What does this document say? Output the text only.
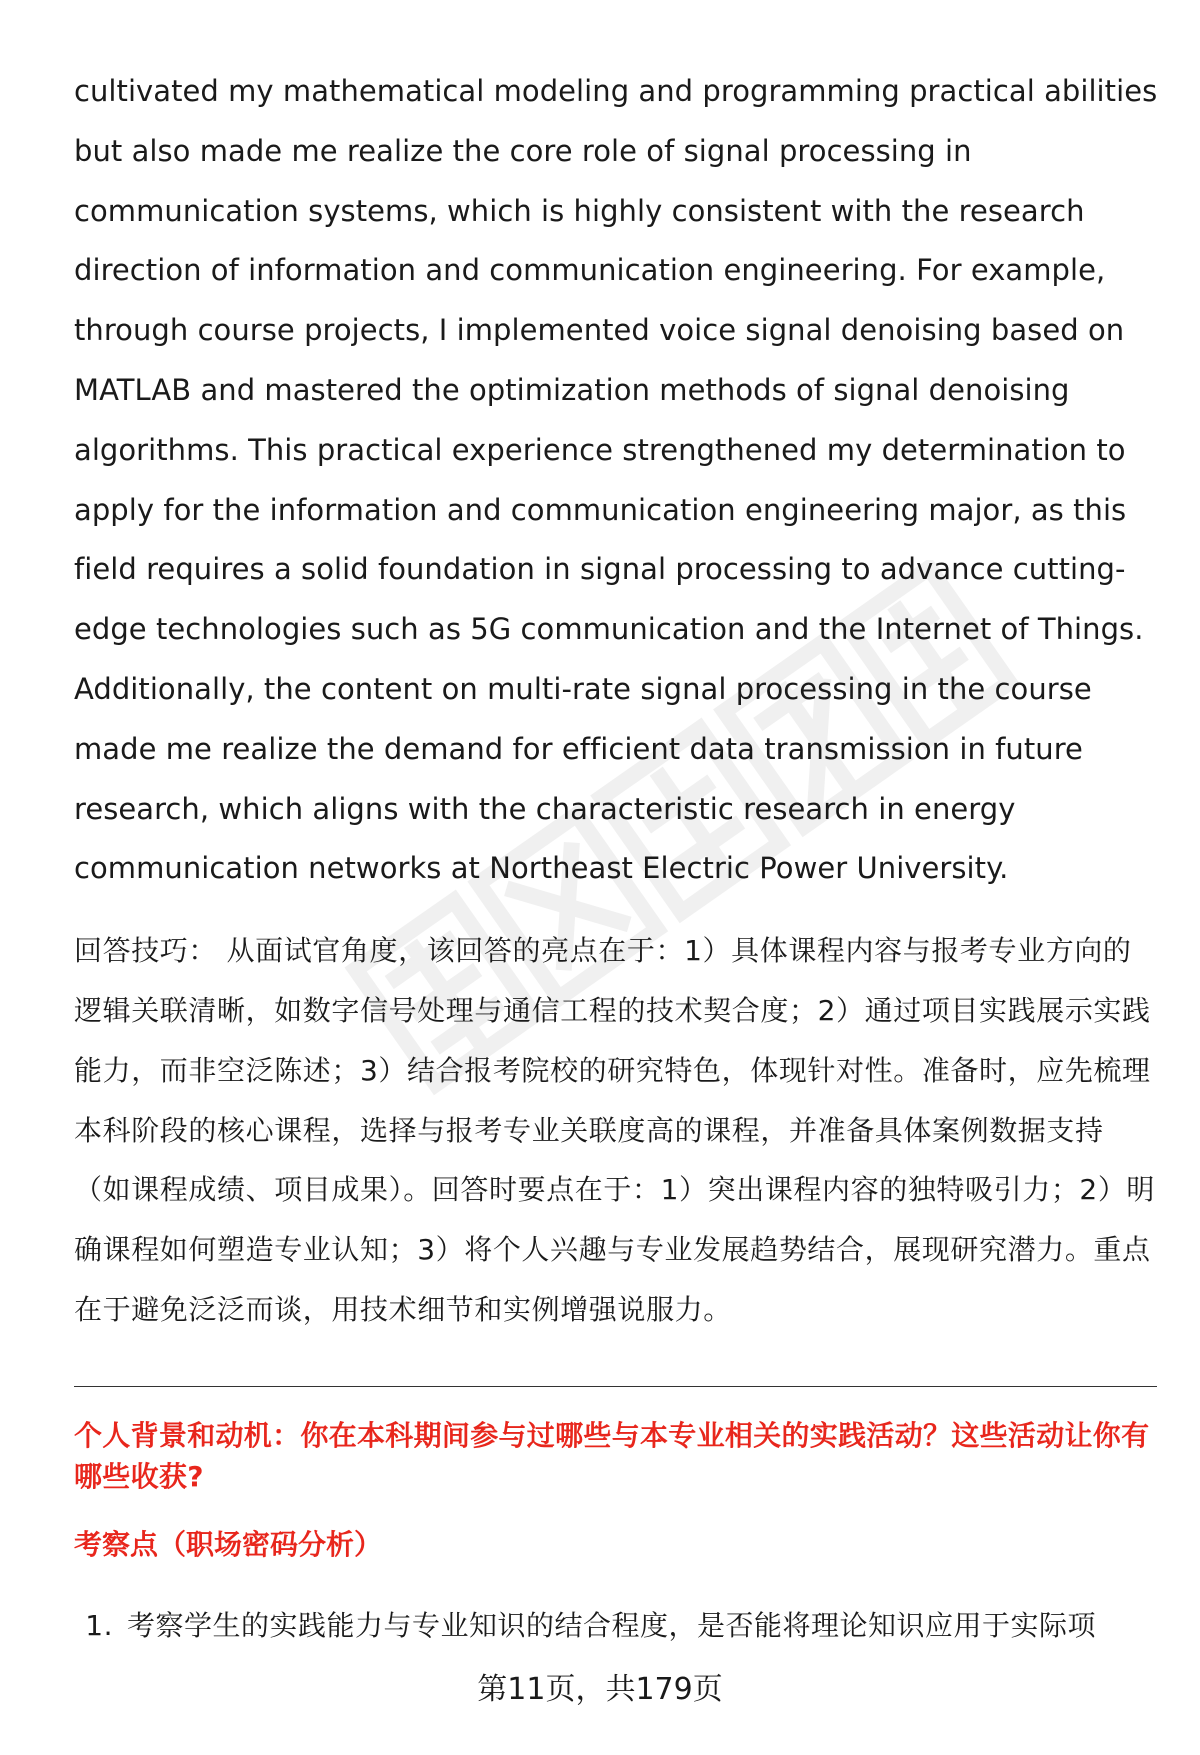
cultivated my mathematical modeling and programming practical abilities but also made me realize the core role of signal processing in communication systems, which is highly consistent with the research direction of information and communication engineering. For example, through course projects, I implemented voice signal denoising based on MATLAB and mastered the optimization methods of signal denoising algorithms. This practical experience strengthened my determination to apply for the information and communication engineering major, as this field requires a solid foundation in signal processing to advance cutting-edge technologies such as 5G communication and the Internet of Things. Additionally, the content on multi-rate signal processing in the course made me realize the demand for efficient data transmission in future research, which aligns with the characteristic research in energy communication networks at Northeast Electric Power University.

回答技巧： 从面试官角度，该回答的亮点在于：1）具体课程内容与报考专业方向的逻辑关联清晰，如数字信号处理与通信工程的技术契合度；2）通过项目实践展示实践能力，而非空泛陈述；3）结合报考院校的研究特色，体现针对性。准备时，应先梳理本科阶段的核心课程，选择与报考专业关联度高的课程，并准备具体案例数据支持（如课程成绩、项目成果）。回答时要点在于：1）突出课程内容的独特吸引力；2）明确课程如何塑造专业认知；3）将个人兴趣与专业发展趋势结合，展现研究潜力。重点在于避免泛泛而谈，用技术细节和实例增强说服力。

个人背景和动机：你在本科期间参与过哪些与本专业相关的实践活动？这些活动让你有哪些收获?
考察点（职场密码分析）
1. 考察学生的实践能力与专业知识的结合程度，是否能将理论知识应用于实际项
第11页，共179页
